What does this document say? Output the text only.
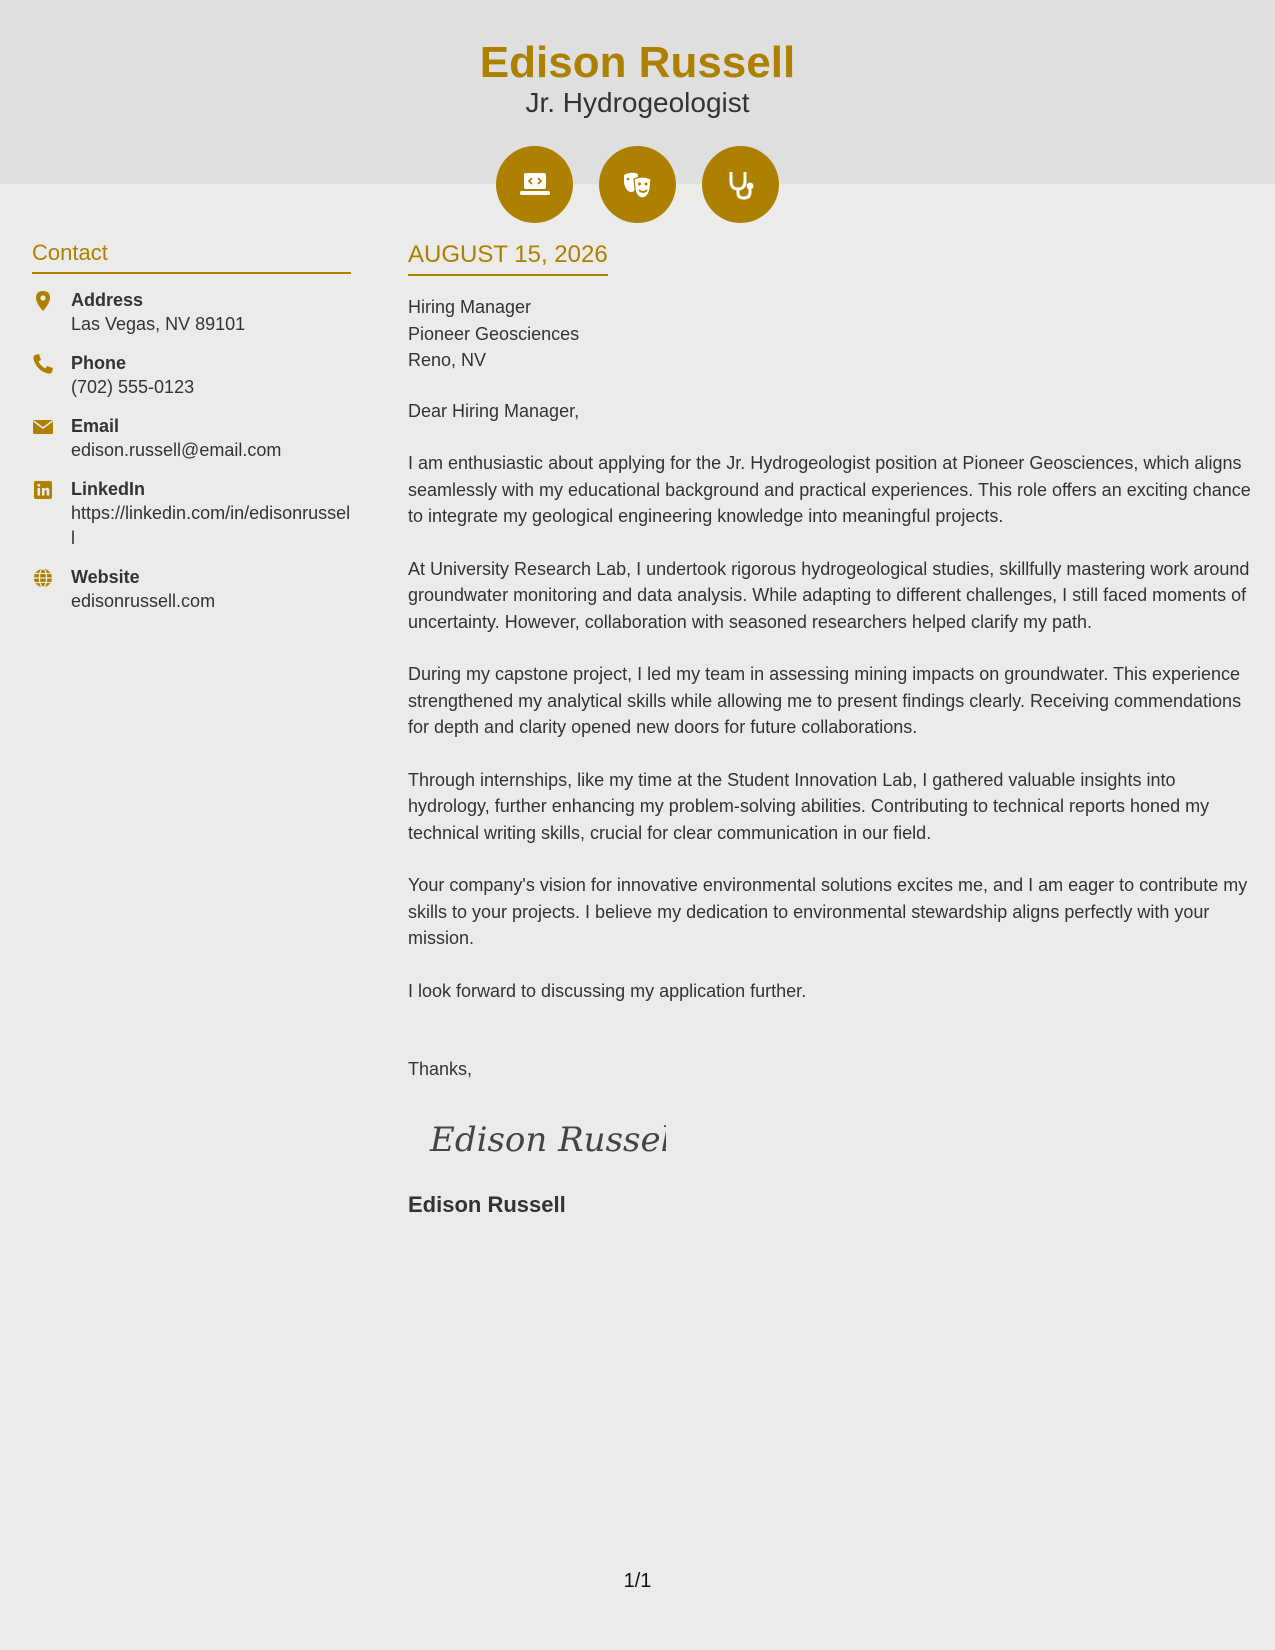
Edison Russell
Jr. Hydrogeologist
Contact
Address
Las Vegas, NV 89101
Phone
(702) 555-0123
Email
edison.russell@email.com
LinkedIn
https://linkedin.com/in/edisonrussell
Website
edisonrussell.com
AUGUST 15, 2026
Hiring Manager
Pioneer Geosciences
Reno, NV

Dear Hiring Manager,

I am enthusiastic about applying for the Jr. Hydrogeologist position at Pioneer Geosciences, which aligns seamlessly with my educational background and practical experiences. This role offers an exciting chance to integrate my geological engineering knowledge into meaningful projects.

At University Research Lab, I undertook rigorous hydrogeological studies, skillfully mastering work around groundwater monitoring and data analysis. While adapting to different challenges, I still faced moments of uncertainty. However, collaboration with seasoned researchers helped clarify my path.

During my capstone project, I led my team in assessing mining impacts on groundwater. This experience strengthened my analytical skills while allowing me to present findings clearly. Receiving commendations for depth and clarity opened new doors for future collaborations.

Through internships, like my time at the Student Innovation Lab, I gathered valuable insights into hydrology, further enhancing my problem-solving abilities. Contributing to technical reports honed my technical writing skills, crucial for clear communication in our field.

Your company's vision for innovative environmental solutions excites me, and I am eager to contribute my skills to your projects. I believe my dedication to environmental stewardship aligns perfectly with your mission.

I look forward to discussing my application further.

Thanks,

Edison Russell
Edison Russell
1/1
